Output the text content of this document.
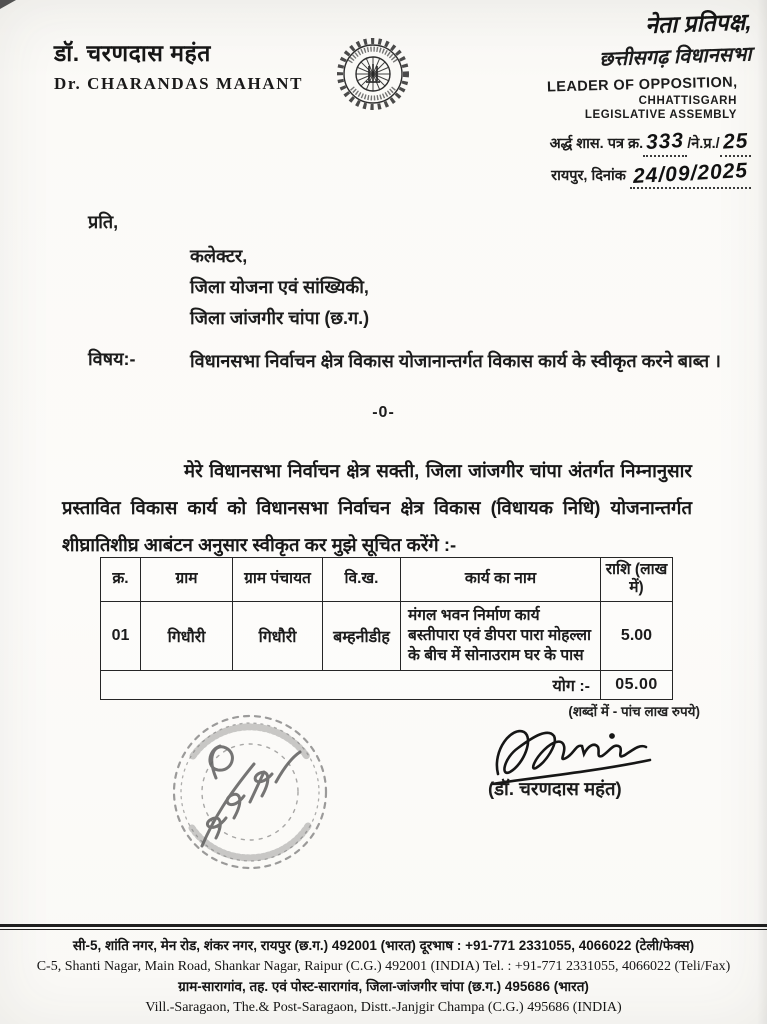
डॉ. चरणदास महंत
Dr. CHARANDAS MAHANT
नेता प्रतिपक्ष,
छत्तीसगढ़ विधानसभा
LEADER OF OPPOSITION,
CHHATTISGARH
LEGISLATIVE ASSEMBLY
अर्द्ध शास. पत्र क्र. 333 /ने.प्र./ 25
रायपुर, दिनांक 24/09/2025
प्रति,
कलेक्टर,
जिला योजना एवं सांख्यिकी,
जिला जांजगीर चांपा (छ.ग.)
विषय:-	विधानसभा निर्वाचन क्षेत्र विकास योजानान्तर्गत विकास कार्य के स्वीकृत करने बाब्त ।
-0-
मेरे विधानसभा निर्वाचन क्षेत्र सक्ती, जिला जांजगीर चांपा अंतर्गत निम्नानुसार प्रस्तावित विकास कार्य को विधानसभा निर्वाचन क्षेत्र विकास (विधायक निधि) योजनान्तर्गत शीघ्रातिशीघ्र आबंटन अनुसार स्वीकृत कर मुझे सूचित करेंगे :-
क्र.	ग्राम	ग्राम पंचायत	वि.ख.	कार्य का नाम	राशि (लाख में)
01	गिधौरी	गिधौरी	बम्हनीडीह	मंगल भवन निर्माण कार्य बस्तीपारा एवं डीपरा पारा मोहल्ला के बीच में सोनाउराम घर के पास	5.00
योग :-					05.00
(शब्दों में - पांच लाख रुपये)
(डॉ. चरणदास महंत)
सी-5, शांति नगर, मेन रोड, शंकर नगर, रायपुर (छ.ग.) 492001 (भारत) दूरभाष : +91-771 2331055, 4066022 (टेली/फेक्स)
C-5, Shanti Nagar, Main Road, Shankar Nagar, Raipur (C.G.) 492001 (INDIA) Tel. : +91-771 2331055, 4066022 (Teli/Fax)
ग्राम-सारागांव, तह. एवं पोस्ट-सारागांव, जिला-जांजगीर चांपा (छ.ग.) 495686 (भारत)
Vill.-Saragaon, The.& Post-Saragaon, Distt.-Janjgir Champa (C.G.) 495686 (INDIA)
